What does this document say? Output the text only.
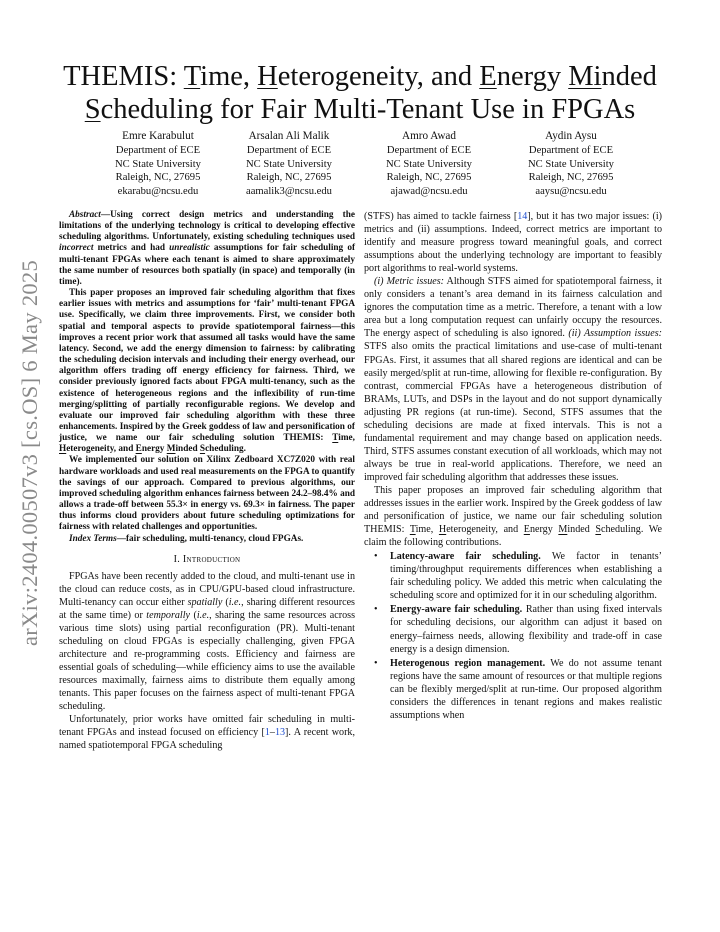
arXiv:2404.00507v3 [cs.OS] 6 May 2025
THEMIS: Time, Heterogeneity, and Energy Minded
Scheduling for Fair Multi-Tenant Use in FPGAs
Emre Karabulut
Department of ECE
NC State University
Raleigh, NC, 27695
ekarabu@ncsu.edu
Arsalan Ali Malik
Department of ECE
NC State University
Raleigh, NC, 27695
aamalik3@ncsu.edu
Amro Awad
Department of ECE
NC State University
Raleigh, NC, 27695
ajawad@ncsu.edu
Aydin Aysu
Department of ECE
NC State University
Raleigh, NC, 27695
aaysu@ncsu.edu

Abstract—Using correct design metrics and understanding the limitations of the underlying technology is critical to developing effective scheduling algorithms. Unfortunately, existing scheduling techniques used incorrect metrics and had unrealistic assumptions for fair scheduling of multi-tenant FPGAs where each tenant is aimed to share approximately the same number of resources both spatially (in space) and temporally (in time).

This paper proposes an improved fair scheduling algorithm that fixes earlier issues with metrics and assumptions for ‘fair’ multi-tenant FPGA use. Specifically, we claim three improvements. First, we consider both spatial and temporal aspects to provide spatiotemporal fairness—this improves a recent prior work that assumed all tasks would have the same latency. Second, we add the energy dimension to fairness: by calibrating the scheduling decision intervals and including their energy overhead, our algorithm offers trading off energy efficiency for fairness. Third, we consider previously ignored facts about FPGA multi-tenancy, such as the existence of heterogeneous regions and the inflexibility of run-time merging/splitting of partially reconfigurable regions. We develop and evaluate our improved fair scheduling algorithm with these three enhancements. Inspired by the Greek goddess of law and personification of justice, we name our fair scheduling solution THEMIS: Time, Heterogeneity, and Energy Minded Scheduling.

We implemented our solution on Xilinx Zedboard XC7Z020 with real hardware workloads and used real measurements on the FPGA to quantify the savings of our approach. Compared to previous algorithms, our improved scheduling algorithm enhances fairness between 24.2–98.4% and allows a trade-off between 55.3× in energy vs. 69.3× in fairness. The paper thus informs cloud providers about future scheduling optimizations for fairness with related challenges and opportunities.

Index Terms—fair scheduling, multi-tenancy, cloud FPGAs.

I. Introduction

FPGAs have been recently added to the cloud, and multi-tenant use in the cloud can reduce costs, as in CPU/GPU-based cloud infrastructure. Multi-tenancy can occur either spatially (i.e., sharing different resources at the same time) or temporally (i.e., sharing the same resources across various time slots) using partial reconfiguration (PR). Multi-tenant scheduling on cloud FPGAs is especially challenging, given FPGA architecture and re-programming costs. Efficiency and fairness are essential goals of scheduling—while efficiency aims to use the available resources maximally, fairness aims to distribute them equally among tenants. This paper focuses on the fairness aspect of multi-tenant FPGA scheduling.

Unfortunately, prior works have omitted fair scheduling in multi-tenant FPGAs and instead focused on efficiency [1–13]. A recent work, named spatiotemporal FPGA scheduling

(STFS) has aimed to tackle fairness [14], but it has two major issues: (i) metrics and (ii) assumptions. Indeed, correct metrics are important to identify and measure progress toward meaningful goals, and correct assumptions about the underlying technology are important to feasibly port algorithms to real-world systems.

(i) Metric issues: Although STFS aimed for spatiotemporal fairness, it only considers a tenant’s area demand in its fairness calculation and ignores the computation time as a metric. Therefore, a tenant with a low area but a long computation request can unfairly occupy the resources. The energy aspect of scheduling is also ignored. (ii) Assumption issues: STFS also omits the practical limitations and use-case of multi-tenant FPGAs. First, it assumes that all shared regions are identical and can be easily merged/split at run-time, allowing for flexible re-configuration. By contrast, commercial FPGAs have a heterogeneous distribution of BRAMs, LUTs, and DSPs in the layout and do not support dynamically adjusting PR regions (at run-time). Second, STFS assumes that the scheduling decisions are made at fixed intervals. This is not a fundamental requirement and may change based on application needs. Third, STFS assumes constant execution of all workloads, which may not always be true in real-world applications. Therefore, we need an improved fair scheduling algorithm that addresses these issues.

This paper proposes an improved fair scheduling algorithm that addresses issues in the earlier work. Inspired by the Greek goddess of law and personification of justice, we name our fair scheduling solution THEMIS: Time, Heterogeneity, and Energy Minded Scheduling. We claim the following contributions.

• Latency-aware fair scheduling. We factor in tenants’ timing/throughput requirements differences when establishing a fair scheduling policy. We added this metric when calculating the scheduling score and optimized for it in our scheduling algorithm.
• Energy-aware fair scheduling. Rather than using fixed intervals for scheduling decisions, our algorithm can adjust it based on energy–fairness needs, allowing flexibility and trade-off in case energy is a design dimension.
• Heterogenous region management. We do not assume tenant regions have the same amount of resources or that multiple regions can be flexibly merged/split at run-time. Our proposed algorithm considers the differences in tenant regions and makes realistic assumptions when
